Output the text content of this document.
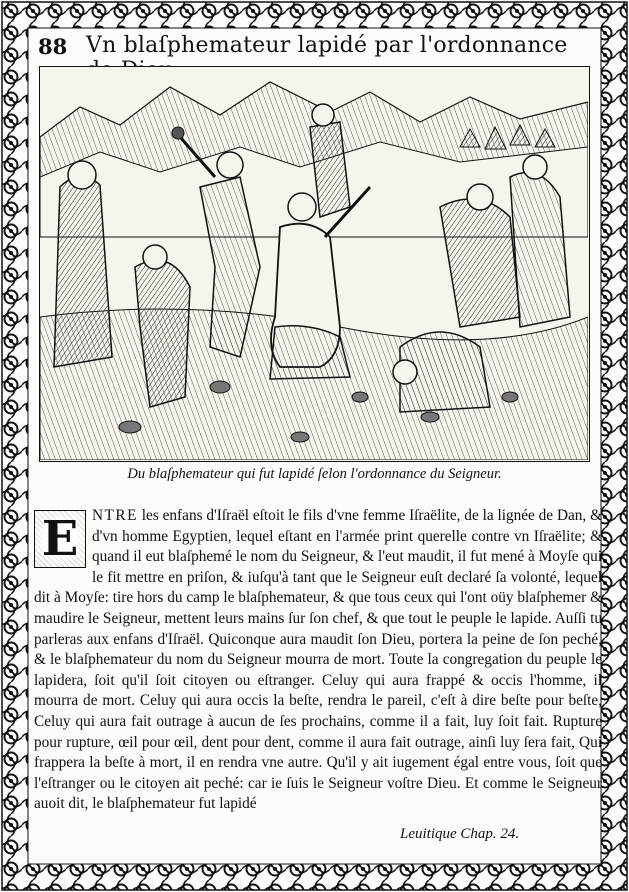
88 Vn blaſphemateur lapidé par l'ordonnance
Du blaſphemateur qui fut lapidé ſelon l'ordonnance du Seigneur.
E NTRE les enfans d'Iſraël eſtoit le fils d'vne femme Iſraëlite, de la lignée de Dan, & d'vn homme Egyptien, lequel eſtant en l'armée print querelle contre vn Iſraëlite; & quand il eut blaſphemé le nom du Seigneur, & l'eut maudit, il fut mené à Moyſe qui le fit mettre en priſon, & iuſqu'à tant que le Seigneur euſt declaré ſa volonté, lequel dit à Moyſe: tire hors du camp le blaſphemateur, & que tous ceux qui l'ont oüy blaſphemer & maudire le Seigneur, mettent leurs mains ſur ſon chef, & que tout le peuple le lapide. Auſſi tu parleras aux enfans d'Iſraël. Quiconque aura maudit ſon Dieu, portera la peine de ſon peché, & le blaſphemateur du nom du Seigneur mourra de mort. Toute la congregation du peuple le lapidera, ſoit qu'il ſoit citoyen ou eſtranger. Celuy qui aura frappé & occis l'homme, il mourra de mort. Celuy qui aura occis la beſte, rendra le pareil, c'eſt à dire beſte pour beſte, Celuy qui aura fait outrage à aucun de ſes prochains, comme il a fait, luy ſoit fait. Rupture pour rupture, œil pour œil, dent pour dent, comme il aura fait outrage, ainſi luy ſera fait, Qui frappera la beſte à mort, il en rendra vne autre. Qu'il y ait iugement égal entre vous, ſoit que l'eſtranger ou le citoyen ait peché: car ie ſuis le Seigneur voſtre Dieu. Et comme le Seigneur auoit dit, le blaſphemateur fut lapidé
Leuitique Chap. 24.
